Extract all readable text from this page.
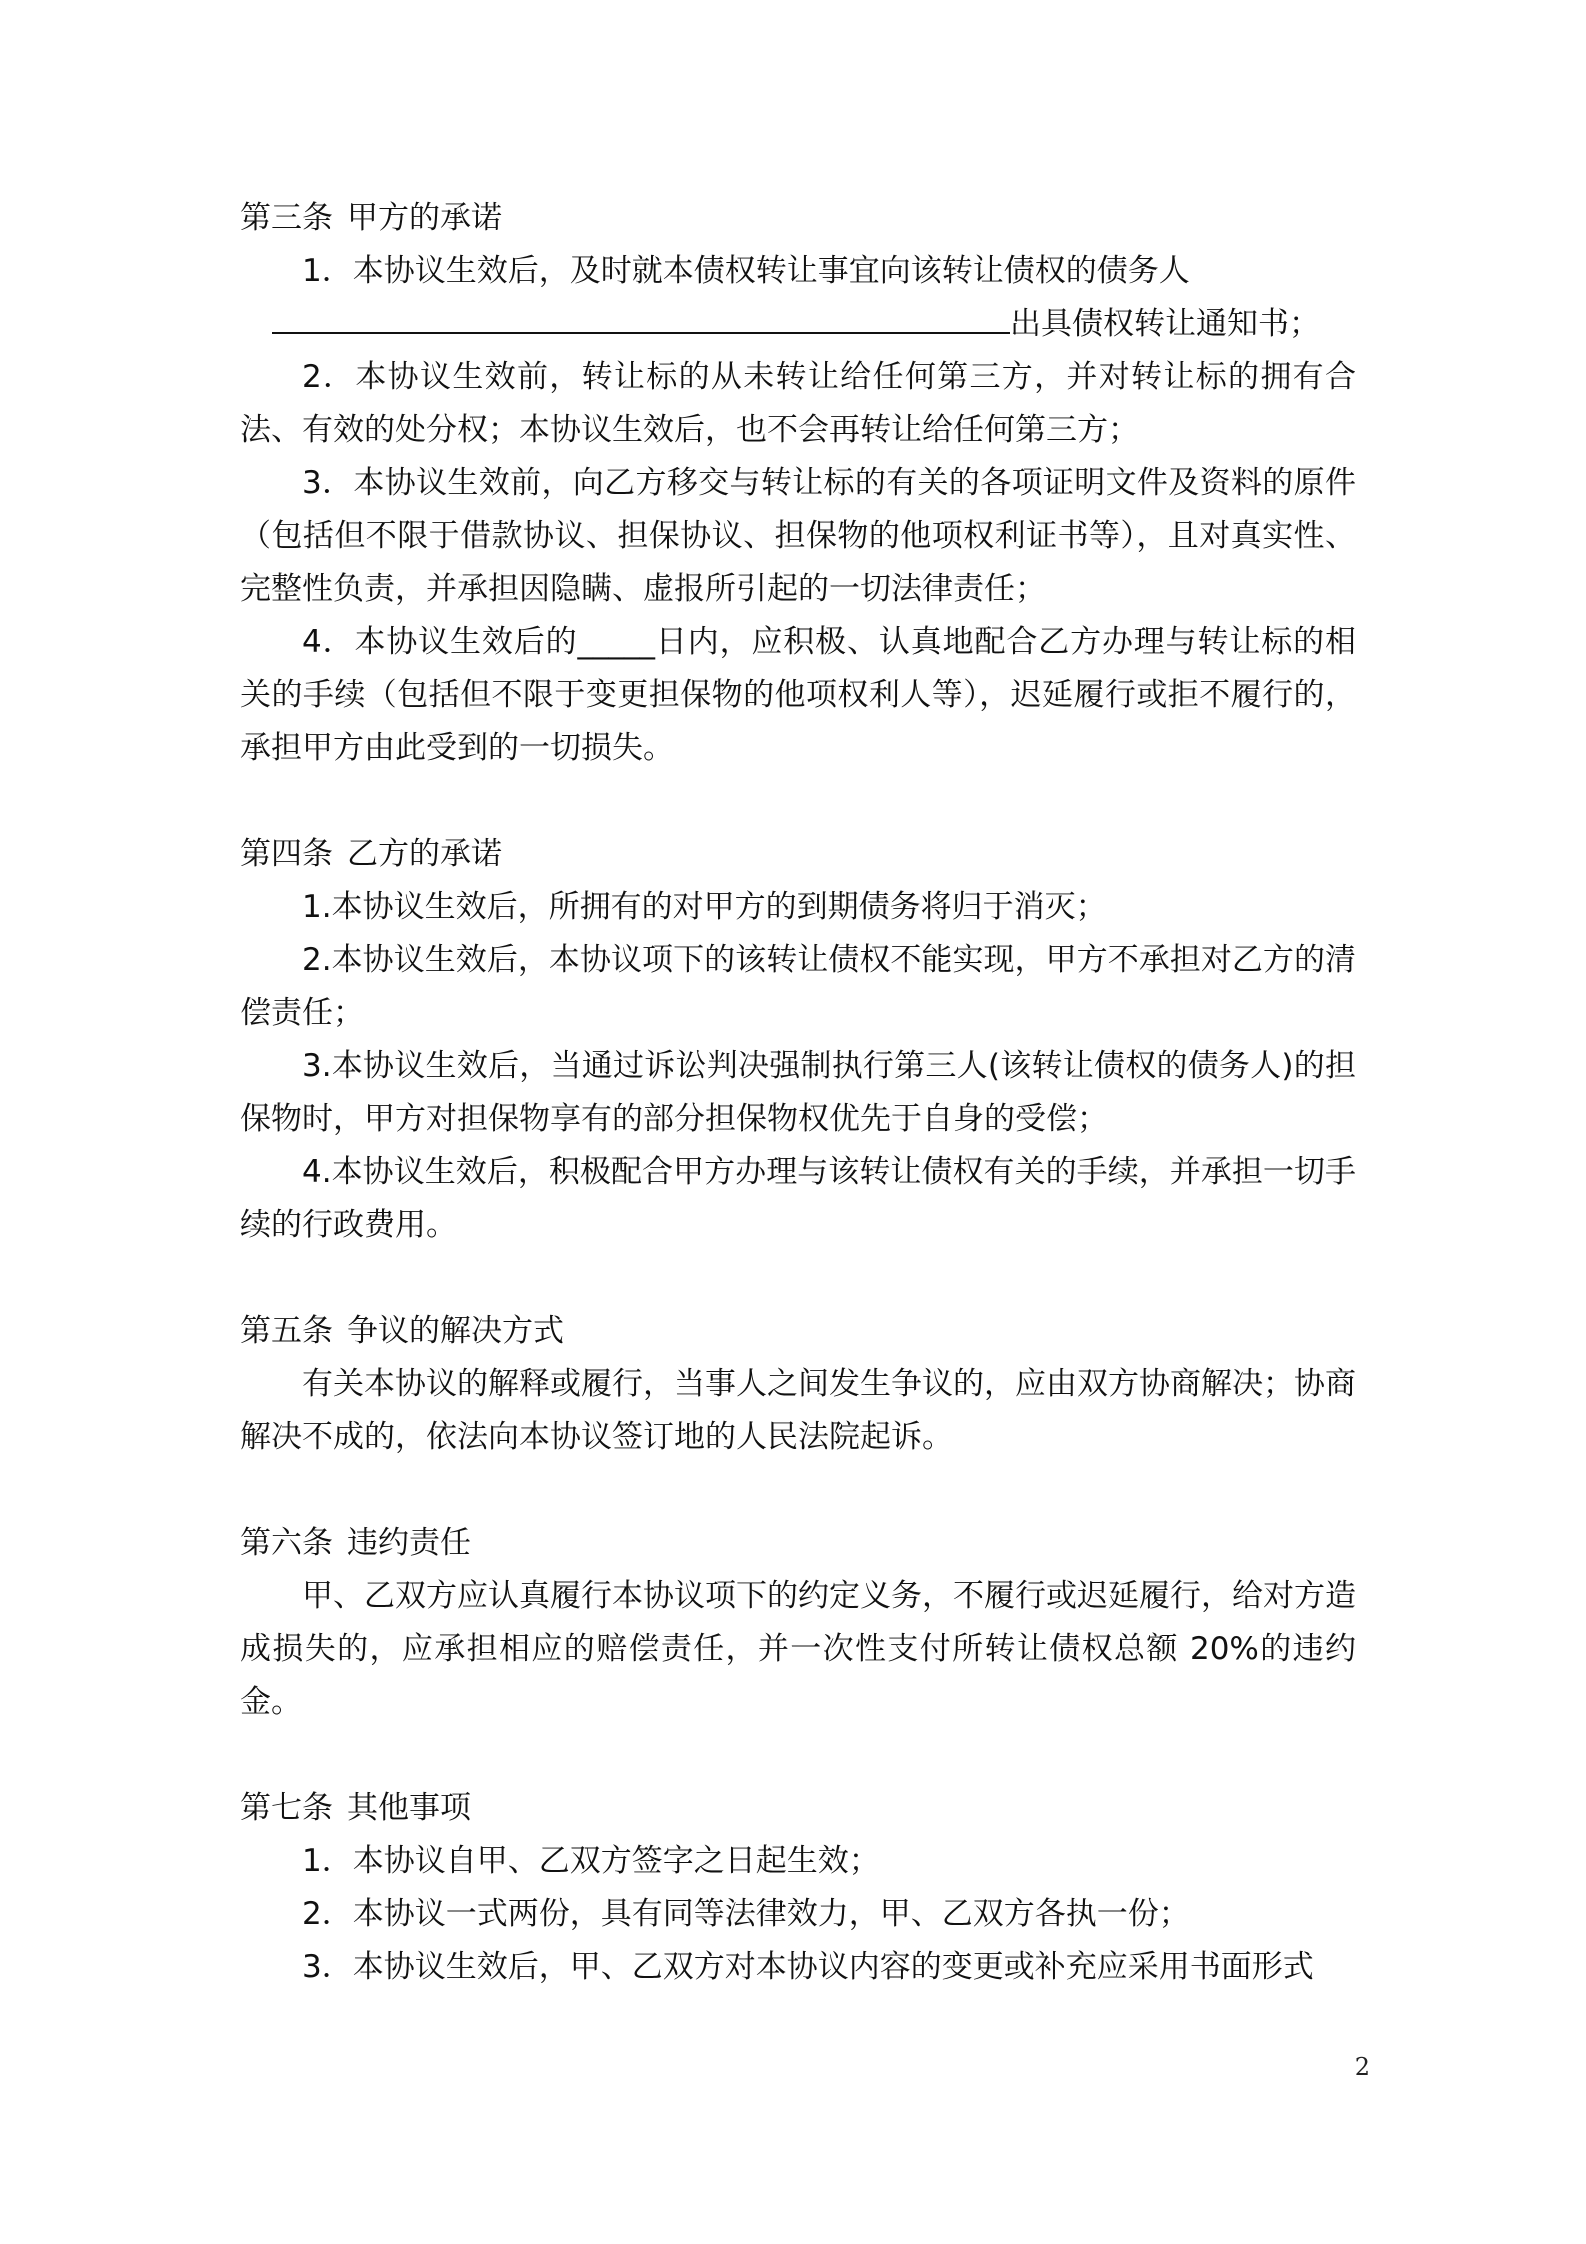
第三条 甲方的承诺

1．本协议生效后，及时就本债权转让事宜向该转让债权的债务人

出具债权转让通知书；

2．本协议生效前，转让标的从未转让给任何第三方，并对转让标的拥有合法、有效的处分权；本协议生效后，也不会再转让给任何第三方；

3．本协议生效前，向乙方移交与转让标的有关的各项证明文件及资料的原件（包括但不限于借款协议、担保协议、担保物的他项权利证书等），且对真实性、完整性负责，并承担因隐瞒、虚报所引起的一切法律责任；

4．本协议生效后的_____日内，应积极、认真地配合乙方办理与转让标的相关的手续（包括但不限于变更担保物的他项权利人等），迟延履行或拒不履行的，承担甲方由此受到的一切损失。

第四条 乙方的承诺

1.本协议生效后，所拥有的对甲方的到期债务将归于消灭；

2.本协议生效后，本协议项下的该转让债权不能实现，甲方不承担对乙方的清偿责任；

3.本协议生效后，当通过诉讼判决强制执行第三人(该转让债权的债务人)的担保物时，甲方对担保物享有的部分担保物权优先于自身的受偿；

4.本协议生效后，积极配合甲方办理与该转让债权有关的手续，并承担一切手续的行政费用。

第五条 争议的解决方式

有关本协议的解释或履行，当事人之间发生争议的，应由双方协商解决；协商解决不成的，依法向本协议签订地的人民法院起诉。

第六条 违约责任

甲、乙双方应认真履行本协议项下的约定义务，不履行或迟延履行，给对方造成损失的，应承担相应的赔偿责任，并一次性支付所转让债权总额 20%的违约金。

第七条 其他事项

1．本协议自甲、乙双方签字之日起生效；

2．本协议一式两份，具有同等法律效力，甲、乙双方各执一份；

3．本协议生效后，甲、乙双方对本协议内容的变更或补充应采用书面形式

2
